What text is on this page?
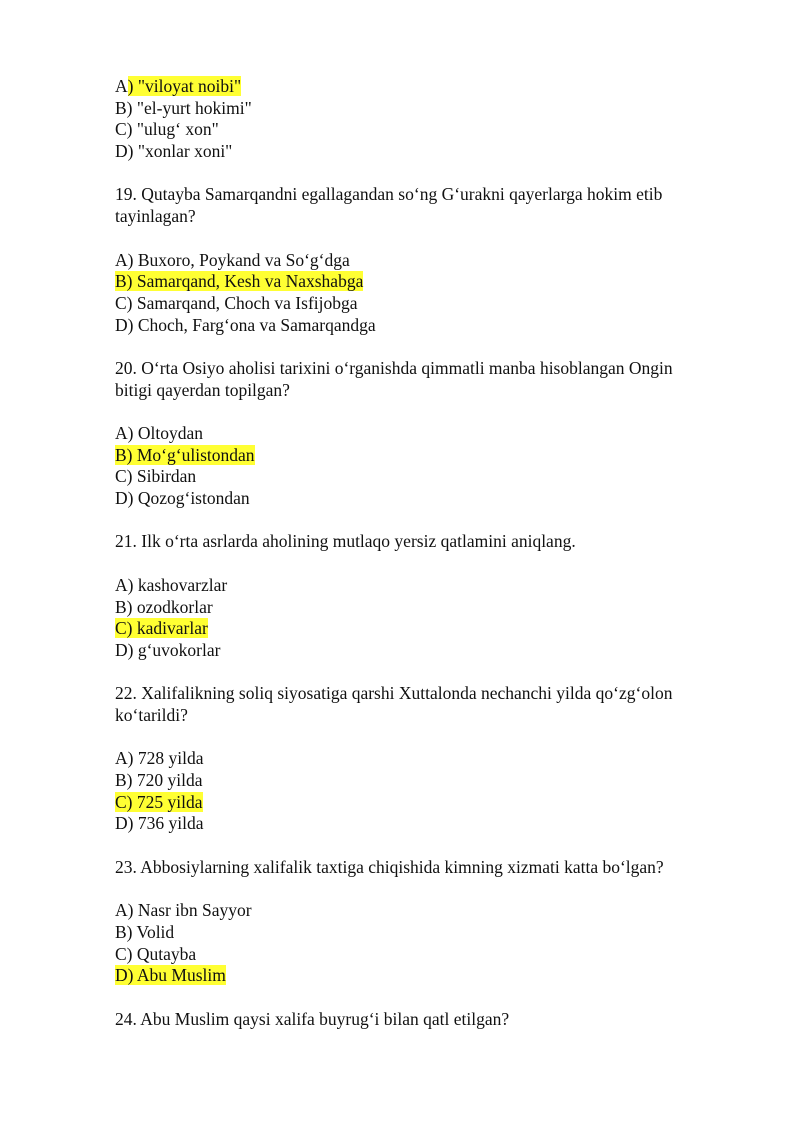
A) "viloyat noibi"
B) "el-yurt hokimi"
C) "ulug‘ xon"
D) "xonlar xoni"
19. Qutayba Samarqandni egallagandan so‘ng G‘urakni qayerlarga hokim etib
tayinlagan?
A) Buxoro, Poykand va So‘g‘dga
B) Samarqand, Kesh va Naxshabga
C) Samarqand, Choch va Isfijobga
D) Choch, Farg‘ona va Samarqandga
20. O‘rta Osiyo aholisi tarixini o‘rganishda qimmatli manba hisoblangan Ongin
bitigi qayerdan topilgan?
A) Oltoydan
B) Mo‘g‘ulistondan
C) Sibirdan
D) Qozog‘istondan
21. Ilk o‘rta asrlarda aholining mutlaqo yersiz qatlamini aniqlang.
A) kashovarzlar
B) ozodkorlar
C) kadivarlar
D) g‘uvokorlar
22. Xalifalikning soliq siyosatiga qarshi Xuttalonda nechanchi yilda qo‘zg‘olon
ko‘tarildi?
A) 728 yilda
B) 720 yilda
C) 725 yilda
D) 736 yilda
23. Abbosiylarning xalifalik taxtiga chiqishida kimning xizmati katta bo‘lgan?
A) Nasr ibn Sayyor
B) Volid
C) Qutayba
D) Abu Muslim
24. Abu Muslim qaysi xalifa buyrug‘i bilan qatl etilgan?
